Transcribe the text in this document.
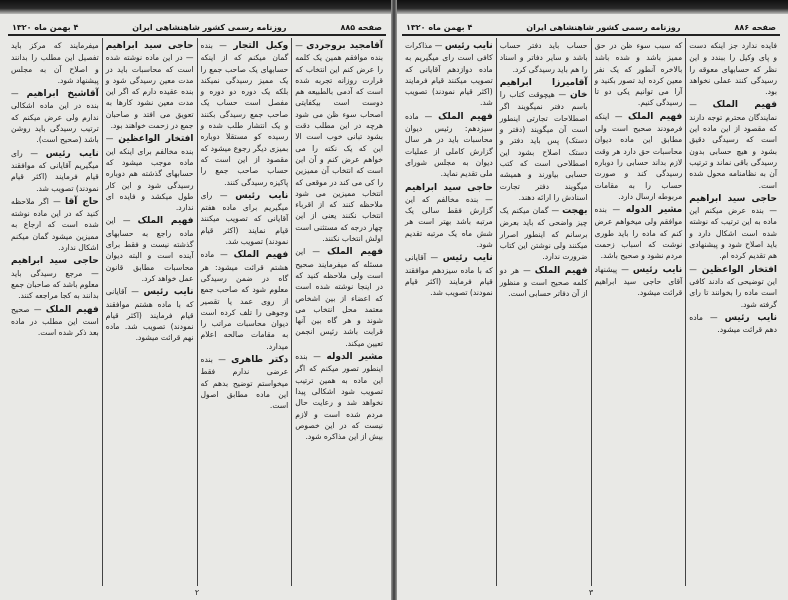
صفحه ۸۸۵
روزنامه رسمی کشور شاهنشاهی ایران
۴ بهمن ماه ۱۳۲۰

آقامجید بروجردی — بنده موافقم همین یک کلمه را عرض کنم این انتخاب که قرارت روزانه تجربه شده است که آدمی بالطبیعه هم دوست است بیکفایتی اصحاب سوء ظن می شود هرچه در این مطلب دقت بشود تبانی خوب است الا این که یک نکته را می خواهم عرض کنم و آن این است که انتخاب آن ممیزین را کی می کند در موقعی که انتخاب ممیزین می شود ملاحظه کنند که از اقرباء انتخاب نکنند یعنی از این چهار درجه که مستثنی است اولش انتخاب نکنند.

فهیم الملک — این مسئله که میفرمایند صحیح است ولی ملاحظه کنید که در اینجا نوشته شده است که اعضاء از بین اشخاص معتمد محل انتخاب می شوند و هر گاه بین آنها قرابت باشد رئیس انجمن تعیین میکند.

مشیر الدوله — بنده اینطور تصور میکنم که اگر این ماده به همین ترتیب تصویب شود اشکالی پیدا نخواهد شد و رعایت حال مردم شده است و لازم نیست که در این خصوص بیش از این مذاکره شود.

وکیل التجار — بنده گمان میکنم که از اینکه حسابهای یک صاحب جمع را یک ممیز رسیدگی نمیکند بلکه یک دوره دو دوره و مفصل است حساب یک صاحب جمع رسیدگی بکنند و یک انتشار طلب شده و رسیده کو مستقلا دوباره بمیزی دیگر رجوع میشود که مقصود از این است که حساب صاحب جمع را پاکیزه رسیدگی کنند.

نایب رئیس — رای میگیریم برای ماده هفتم آقایانی که تصویب میکنند قیام نمایند (اکثر قیام نمودند) تصویب شد.

فهیم الملک — ماده هشتم قرائت میشود: هر گاه در ضمن رسیدگی معلوم شود که صاحب جمع از روی عمد یا تقصیر وجوهی را تلف کرده است دیوان محاسبات مراتب را به مقامات صالحه اعلام میدارد.

دکتر طاهری — بنده عرضی ندارم فقط میخواستم توضیح بدهم که این ماده مطابق اصول است.

حاجی سید ابراهیم — در این ماده نوشته شده است که محاسبات باید در مدت معین رسیدگی شود و بنده عقیده دارم که اگر این مدت معین نشود کارها به تعویق می افتد و صاحبان جمع در زحمت خواهند بود.

افتخار الواعظین — بنده مخالفم برای اینکه این ماده موجب میشود که حسابهای گذشته هم دوباره رسیدگی شود و این کار طول میکشد و فایده ای ندارد.

فهیم الملک — این ماده راجع به حسابهای گذشته نیست و فقط برای آینده است و البته دیوان محاسبات مطابق قانون عمل خواهد کرد.

نایب رئیس — آقایانی که با ماده هشتم موافقند قیام فرمایند (اکثر قیام نمودند) تصویب شد. ماده نهم قرائت میشود.

میفرمایند که مرکز باید تفصیل این مطلب را بدانند و اصلاح آن به مجلس پیشنهاد شود.

آقاشیخ ابراهیم — بنده در این ماده اشکالی ندارم ولی عرض میکنم که ترتیب رسیدگی باید روشن باشد (صحیح است).

نایب رئیس — رای میگیریم آقایانی که موافقند قیام فرمایند (اکثر قیام نمودند) تصویب شد.

حاج آقا — اگر ملاحظه کنید که در این ماده نوشته شده است که ارجاع به ممیزین میشود گمان میکنم اشکال ندارد.

حاجی سید ابراهیم — مرجع رسیدگی باید معلوم باشد که صاحبان جمع بدانند به کجا مراجعه کنند.

فهیم الملک — صحیح است این مطلب در ماده بعد ذکر شده است.

۲
صفحه ۸۸۶
روزنامه رسمی کشور شاهنشاهی ایران
۴ بهمن ماه ۱۳۲۰

فایده ندارد جز اینکه دست و پای وکیل را ببندد و این نظر که حسابهای معوقه را رسیدگی کنند عملی نخواهد بود.

فهیم الملک — نمایندگان محترم توجه دارند که مقصود از این ماده این است که رسیدگی دقیق بشود و هیچ حسابی بدون رسیدگی باقی نماند و ترتیب آن به نظامنامه محول شده است.

حاجی سید ابراهیم — بنده عرض میکنم این ماده به این ترتیب که نوشته شده است اشکال دارد و باید اصلاح شود و پیشنهادی هم تقدیم کرده ام.

افتخار الواعظین — این توضیحی که دادند کافی است ماده را بخوانند تا رای گرفته شود.

نایب رئیس — ماده دهم قرائت میشود.

که سبب سوء ظن در حق ممیز باشد و شده باشد بالاخره آنطور که یک نفر معین کرده اید تصور بکنید و آرا می توانیم یکی دو تا رسیدگی کنیم.

فهیم الملک — اینکه فرمودند صحیح است ولی مطابق این ماده دیوان محاسبات حق دارد هر وقت لازم بداند حسابی را دوباره رسیدگی کند و صورت حساب را به مقامات مربوطه ارسال دارد.

مشیر الدوله — بنده موافقم ولی میخواهم عرض کنم که ماده را باید طوری نوشت که اسباب زحمت مردم نشود و صحیح باشد.

نایب رئیس — پیشنهاد آقای حاجی سید ابراهیم قرائت میشود.

حساب باید دفتر حساب باشد و سایر دفاتر و اسناد را هم باید رسیدگی کرد.

آقامیرزا ابراهیم خان — هیچوقت کتاب را باسم دفتر نمیگویند اگر اصطلاحات تجارتی اینطور است آن میگویند (دفتر و دستک) پس باید دفتر و دستک اصلاح بشود این اصطلاحی است که کتب حسابی بیاورند و همیشه میگویند دفتر تجارت اسنادش را ارائه دهند.

بهجت — گمان میکنم یک چیز واضحی که باید بعرض برسانم که اینطور اصرار میکنند ولی نوشتن این کتاب ضرورت ندارد.

فهیم الملک — هر دو کلمه صحیح است و منظور از آن دفاتر حسابی است.

نایب رئیس — مذاکرات کافی است رای میگیریم به ماده دوازدهم آقایانی که تصویب میکنند قیام فرمایند (اکثر قیام نمودند) تصویب شد.

فهیم الملک — ماده سیزدهم: رئیس دیوان محاسبات باید در هر سال گزارش کاملی از عملیات دیوان به مجلس شورای ملی تقدیم نماید.

حاجی سید ابراهیم — بنده مخالفم که این گزارش فقط سالی یک مرتبه باشد بهتر است هر شش ماه یک مرتبه تقدیم شود.

نایب رئیس — آقایانی که با ماده سیزدهم موافقند قیام فرمایند (اکثر قیام نمودند) تصویب شد.

۳
